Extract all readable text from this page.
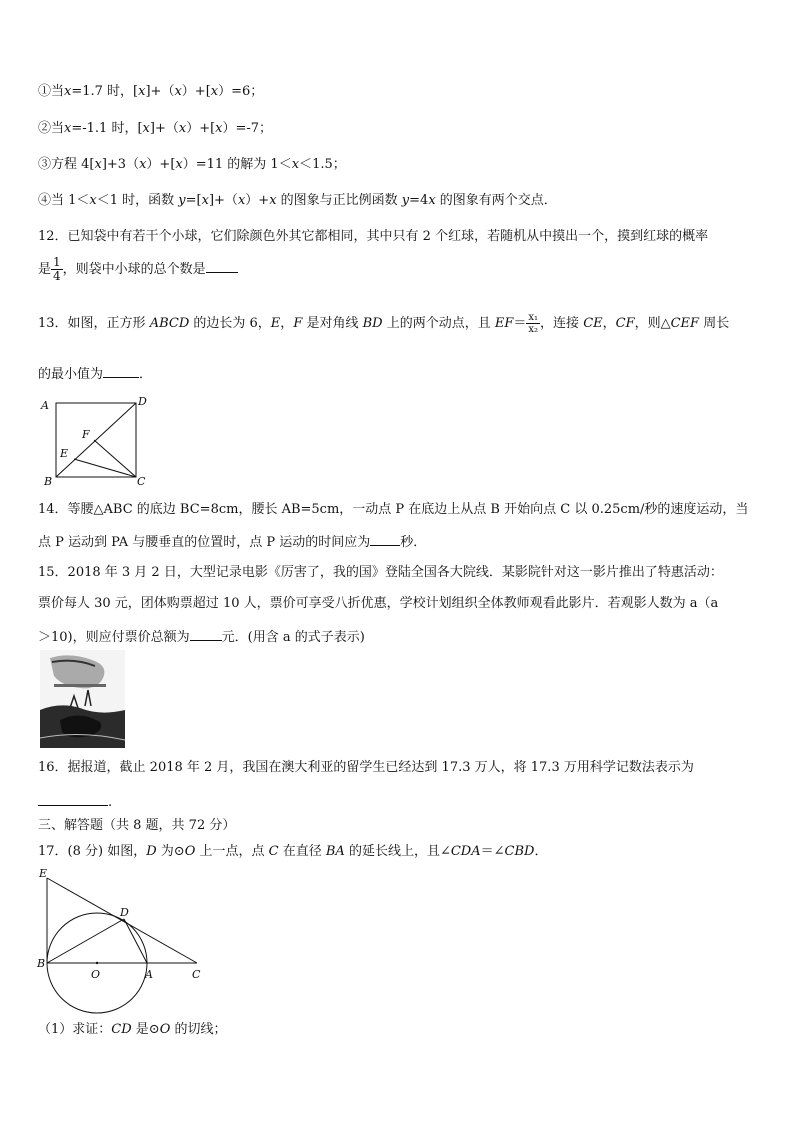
①当x=1.7 时，[x]+（x）+[x）=6；
②当x=-1.1 时，[x]+（x）+[x）=-7；
③方程 4[x]+3（x）+[x）=11 的解为 1＜x＜1.5；
④当 1＜x＜1 时，函数 y=[x]+（x）+x 的图象与正比例函数 y=4x 的图象有两个交点．
12．已知袋中有若干个小球，它们除颜色外其它都相同，其中只有 2 个红球，若随机从中摸出一个，摸到红球的概率
是 $\frac{1}{4}$ ，则袋中小球的总个数是
13．如图，正方形 ABCD 的边长为 6，E，F 是对角线 BD 上的两个动点，且 $EF= \frac{\text{x₁}}{\text{x₂}}$ ，连接 CE，CF，则△CEF 周长
的最小值为	．
A	D
B	C
E
F
14．等腰△ABC 的底边 BC=8cm，腰长 AB=5cm，一动点 P 在底边上从点 B 开始向点 C 以 0.25cm/秒的速度运动，当
点 P 运动到 PA 与腰垂直的位置时，点 P 运动的时间应为 秒．
15．2018 年 3 月 2 日，大型记录电影《厉害了，我的国》登陆全国各大院线．某影院针对这一影片推出了特惠活动：
票价每人 30 元，团体购票超过 10 人，票价可享受八折优惠，学校计划组织全体教师观看此影片．若观影人数为 a（a
＞10)，则应付票价总额为 元．(用含 a 的式子表示)
16．据报道，截止 2018 年 2 月，我国在澳大利亚的留学生已经达到 17.3 万人，将 17.3 万用科学记数法表示为
.
三、解答题（共 8 题，共 72 分）
17．(8 分) 如图，D 为⊙O 上一点，点 C 在直径 BA 的延长线上，且∠CDA＝∠CBD．
E
D
B
O	A	C
（1）求证：CD 是⊙O 的切线；
